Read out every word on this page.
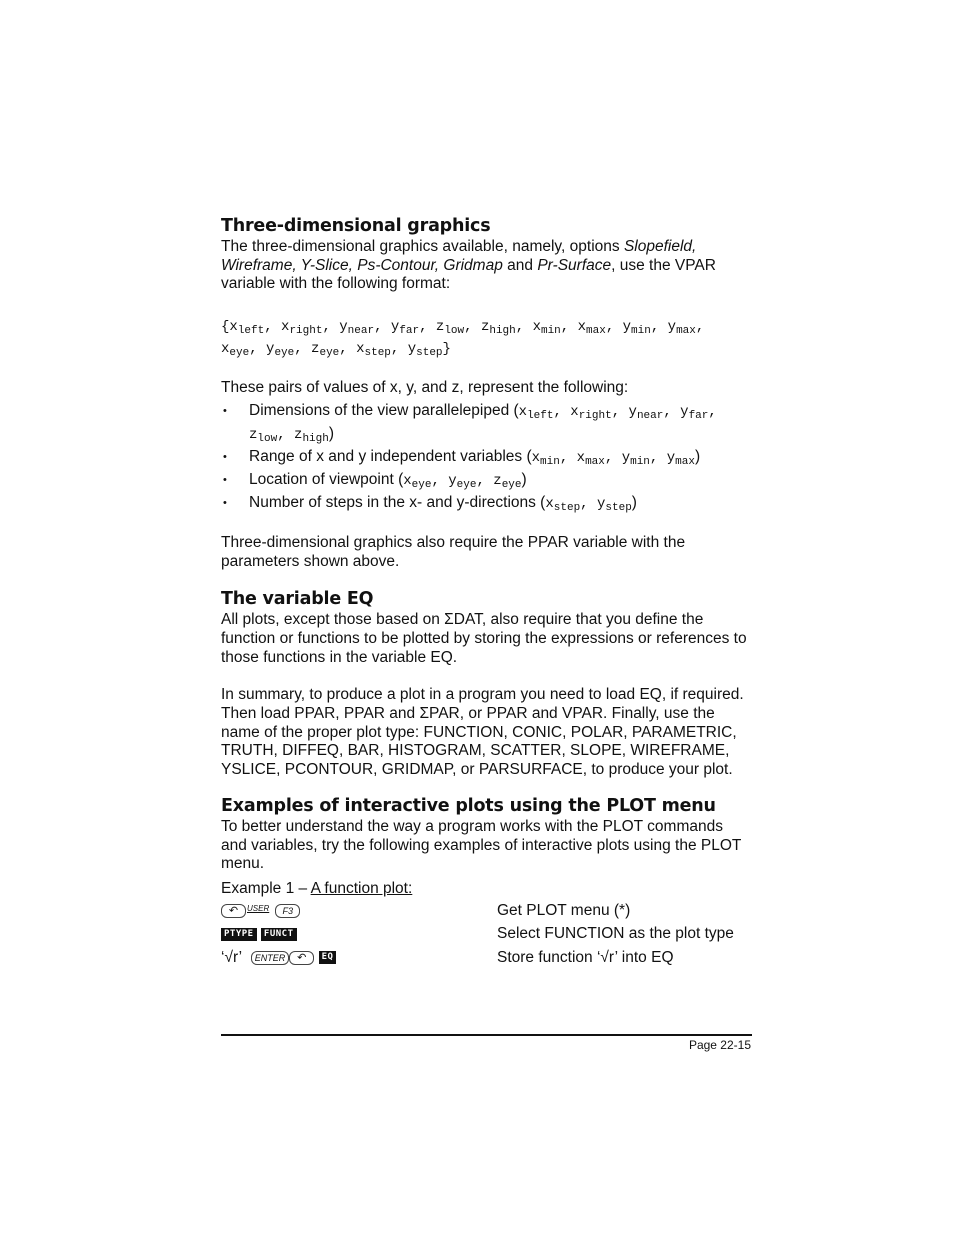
Three-dimensional graphics

The three-dimensional graphics available, namely, options Slopefield, Wireframe, Y-Slice, Ps-Contour, Gridmap and Pr-Surface, use the VPAR variable with the following format:

{$x_{left}$, $x_{right}$, $y_{near}$, $y_{far}$, $z_{low}$, $z_{high}$, $x_{min}$, $x_{max}$, $y_{min}$, $y_{max}$,
$x_{eye}$, $y_{eye}$, $z_{eye}$, $x_{step}$, $y_{step}$}

These pairs of values of x, y, and z, represent the following:

• Dimensions of the view parallelepiped ($x_{left}$, $x_{right}$, $y_{near}$, $y_{far}$, $z_{low}$, $z_{high}$)
• Range of x and y independent variables ($x_{min}$, $x_{max}$, $y_{min}$, $y_{max}$)
• Location of viewpoint ($x_{eye}$, $y_{eye}$, $z_{eye}$)
• Number of steps in the x- and y-directions ($x_{step}$, $y_{step}$)

Three-dimensional graphics also require the PPAR variable with the parameters shown above.

The variable EQ

All plots, except those based on ΣDAT, also require that you define the function or functions to be plotted by storing the expressions or references to those functions in the variable EQ.

In summary, to produce a plot in a program you need to load EQ, if required. Then load PPAR, PPAR and ΣPAR, or PPAR and VPAR. Finally, use the name of the proper plot type: FUNCTION, CONIC, POLAR, PARAMETRIC, TRUTH, DIFFEQ, BAR, HISTOGRAM, SCATTER, SLOPE, WIREFRAME, YSLICE, PCONTOUR, GRIDMAP, or PARSURFACE, to produce your plot.

Examples of interactive plots using the PLOT menu

To better understand the way a program works with the PLOT commands and variables, try the following examples of interactive plots using the PLOT menu.

Example 1 – A function plot:

↶ USER F3	Get PLOT menu (*)
PTYPE FUNCT	Select FUNCTION as the plot type
‘√r’ ENTER ↶ EQ	Store function ‘√r’ into EQ
Page 22-15
